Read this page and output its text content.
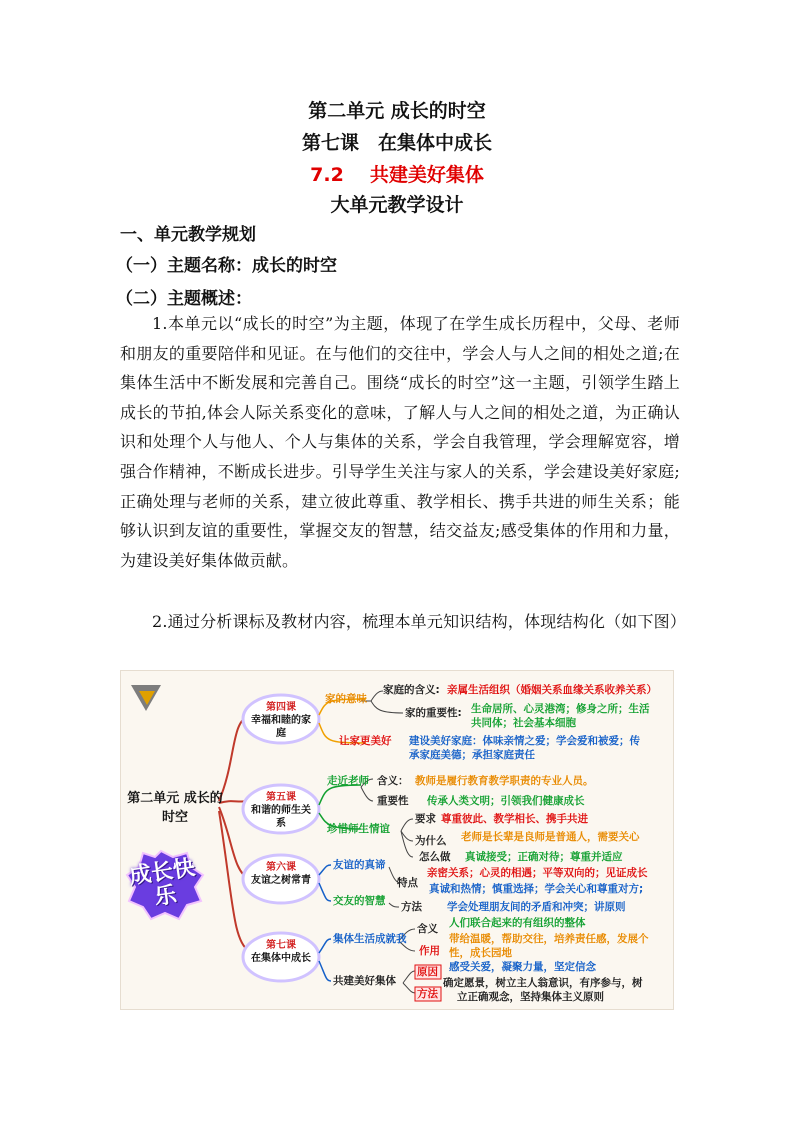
第二单元 成长的时空
第七课　在集体中成长
7.2 共建美好集体
大单元教学设计
一、单元教学规划
（一）主题名称：成长的时空
（二）主题概述：
1.本单元以“成长的时空”为主题，体现了在学生成长历程中，父母、老师和朋友的重要陪伴和见证。在与他们的交往中，学会人与人之间的相处之道;在集体生活中不断发展和完善自己。围绕“成长的时空”这一主题，引领学生踏上成长的节拍,体会人际关系变化的意味，了解人与人之间的相处之道，为正确认识和处理个人与他人、个人与集体的关系，学会自我管理，学会理解宽容，增强合作精神，不断成长进步。引导学生关注与家人的关系，学会建设美好家庭;正确处理与老师的关系，建立彼此尊重、教学相长、携手共进的师生关系；能够认识到友谊的重要性，掌握交友的智慧，结交益友;感受集体的作用和力量，为建设美好集体做贡献。
2.通过分析课标及教材内容，梳理本单元知识结构，体现结构化（如下图）
第二单元 成长的时空
成长快乐
第四课
幸福和睦的家庭
第五课
和谐的师生关系
第六课
友谊之树常青
第七课
在集体中成长
家的意味
家庭的含义: 亲属生活组织（婚姻关系血缘关系收养关系）
家的重要性: 生命居所、心灵港湾；修身之所；生活
共同体；社会基本细胞
让家更美好 建设美好家庭：体味亲情之爱；学会爱和被爱；传
承家庭美德；承担家庭责任
走近老师 含义： 教师是履行教育教学职责的专业人员。
重要性 传承人类文明；引领我们健康成长
珍惜师生情谊
要求 尊重彼此、教学相长、携手共进
为什么 老师是长辈是良师是普通人，需要关心
怎么做 真诚接受；正确对待；尊重并适应
友谊的真谛
特点
亲密关系；心灵的相遇；平等双向的；见证成长
交友的智慧 方法
真诚和热情；慎重选择；学会关心和尊重对方;
学会处理朋友间的矛盾和冲突；讲原则
集体生活成就我
含义 人们联合起来的有组织的整体
作用
带给温暖，帮助交往，培养责任感，发展个
性，成长园地
感受关爱，凝聚力量，坚定信念
共建美好集体
原因
方法
确定愿景，树立主人翁意识，有序参与，树
立正确观念，坚持集体主义原则
